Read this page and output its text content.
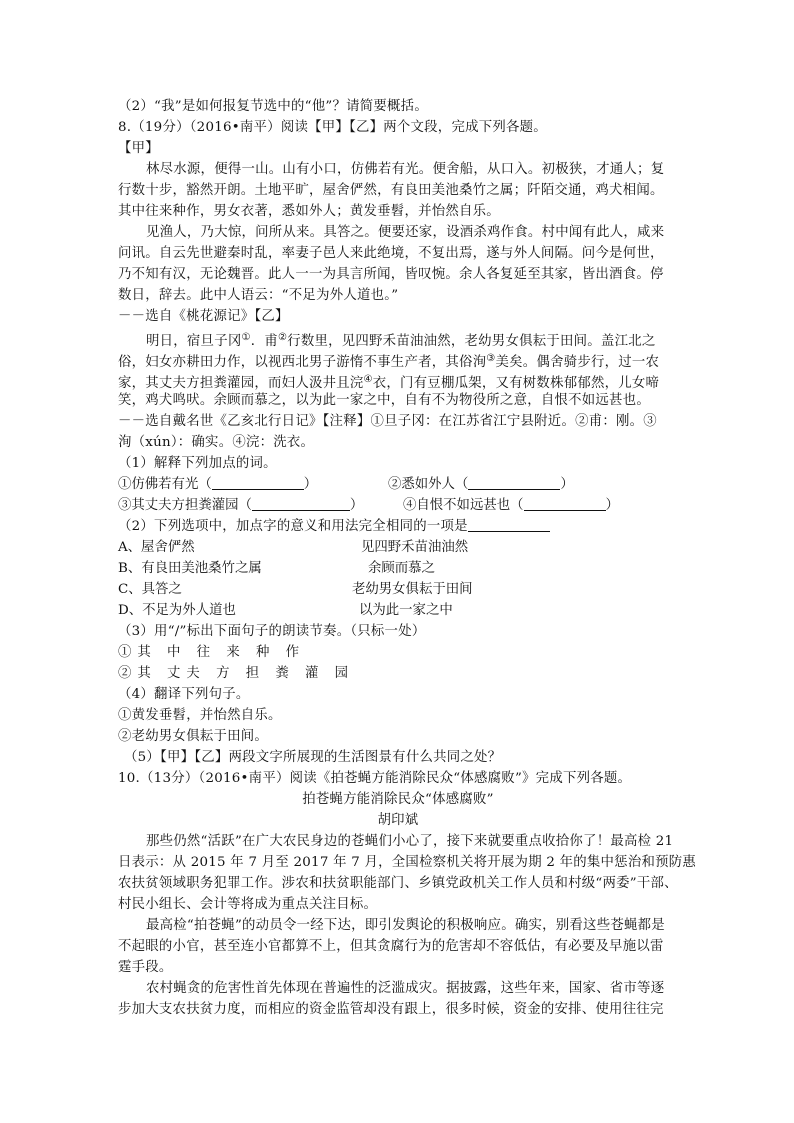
（2）“我”是如何报复节选中的“他”？请简要概括。
8.（19分）（2016•南平）阅读【甲】【乙】两个文段，完成下列各题。
【甲】
林尽水源，便得一山。山有小口，仿佛若有光。便舍船，从口入。初极狭，才通人；复
行数十步，豁然开朗。土地平旷，屋舍俨然，有良田美池桑竹之属；阡陌交通，鸡犬相闻。
其中往来种作，男女衣著，悉如外人；黄发垂髫，并怡然自乐。
见渔人，乃大惊，问所从来。具答之。便要还家，设酒杀鸡作食。村中闻有此人，咸来
问讯。自云先世避秦时乱，率妻子邑人来此绝境，不复出焉，遂与外人间隔。问今是何世，
乃不知有汉，无论魏晋。此人一一为具言所闻，皆叹惋。余人各复延至其家，皆出酒食。停
数日，辞去。此中人语云：“不足为外人道也。”
－－选自《桃花源记》【乙】
明日，宿旦子冈①．甫②行数里，见四野禾苗油油然，老幼男女俱耘于田间。盖江北之
俗，妇女亦耕田力作，以视西北男子游惰不事生产者，其俗洵③美矣。偶舍骑步行，过一农
家，其丈夫方担粪灌园，而妇人汲井且浣④衣，门有豆棚瓜架，又有树数株郁郁然，儿女啼
笑，鸡犬鸣吠。余顾而慕之，以为此一家之中，自有不为物役所之意，自恨不如远甚也。
－－选自戴名世《乙亥北行日记》【注释】①旦子冈：在江苏省江宁县附近。②甫：刚。③
洵（xún）：确实。④浣：洗衣。
（1）解释下列加点的词。
①仿佛若有光（	）	②悉如外人（	）
③其丈夫方担粪灌园（	）	④自恨不如远甚也（	）
（2）下列选项中，加点字的意义和用法完全相同的一项是
A、屋舍俨然	见四野禾苗油油然
B、有良田美池桑竹之属	余顾而慕之
C、具答之	老幼男女俱耘于田间
D、不足为外人道也	以为此一家之中
（3）用“/”标出下面句子的朗读节奏。（只标一处）
①其 中 往 来 种 作
②其 丈夫 方 担 粪 灌 园
（4）翻译下列句子。
①黄发垂髫，并怡然自乐。
②老幼男女俱耘于田间。
（5）【甲】【乙】两段文字所展现的生活图景有什么共同之处？
10.（13分）（2016•南平）阅读《拍苍蝇方能消除民众“体感腐败”》完成下列各题。
拍苍蝇方能消除民众“体感腐败”
胡印斌
那些仍然“活跃”在广大农民身边的苍蝇们小心了，接下来就要重点收拾你了！最高检 21
日表示：从 2015 年 7 月至 2017 年 7 月，全国检察机关将开展为期 2 年的集中惩治和预防惠
农扶贫领域职务犯罪工作。涉农和扶贫职能部门、乡镇党政机关工作人员和村级“两委”干部、
村民小组长、会计等将成为重点关注目标。
最高检“拍苍蝇”的动员令一经下达，即引发舆论的积极响应。确实，别看这些苍蝇都是
不起眼的小官，甚至连小官都算不上，但其贪腐行为的危害却不容低估，有必要及早施以雷
霆手段。
农村蝇贪的危害性首先体现在普遍性的泛滥成灾。据披露，这些年来，国家、省市等逐
步加大支农扶贫力度，而相应的资金监管却没有跟上，很多时候，资金的安排、使用往往完
